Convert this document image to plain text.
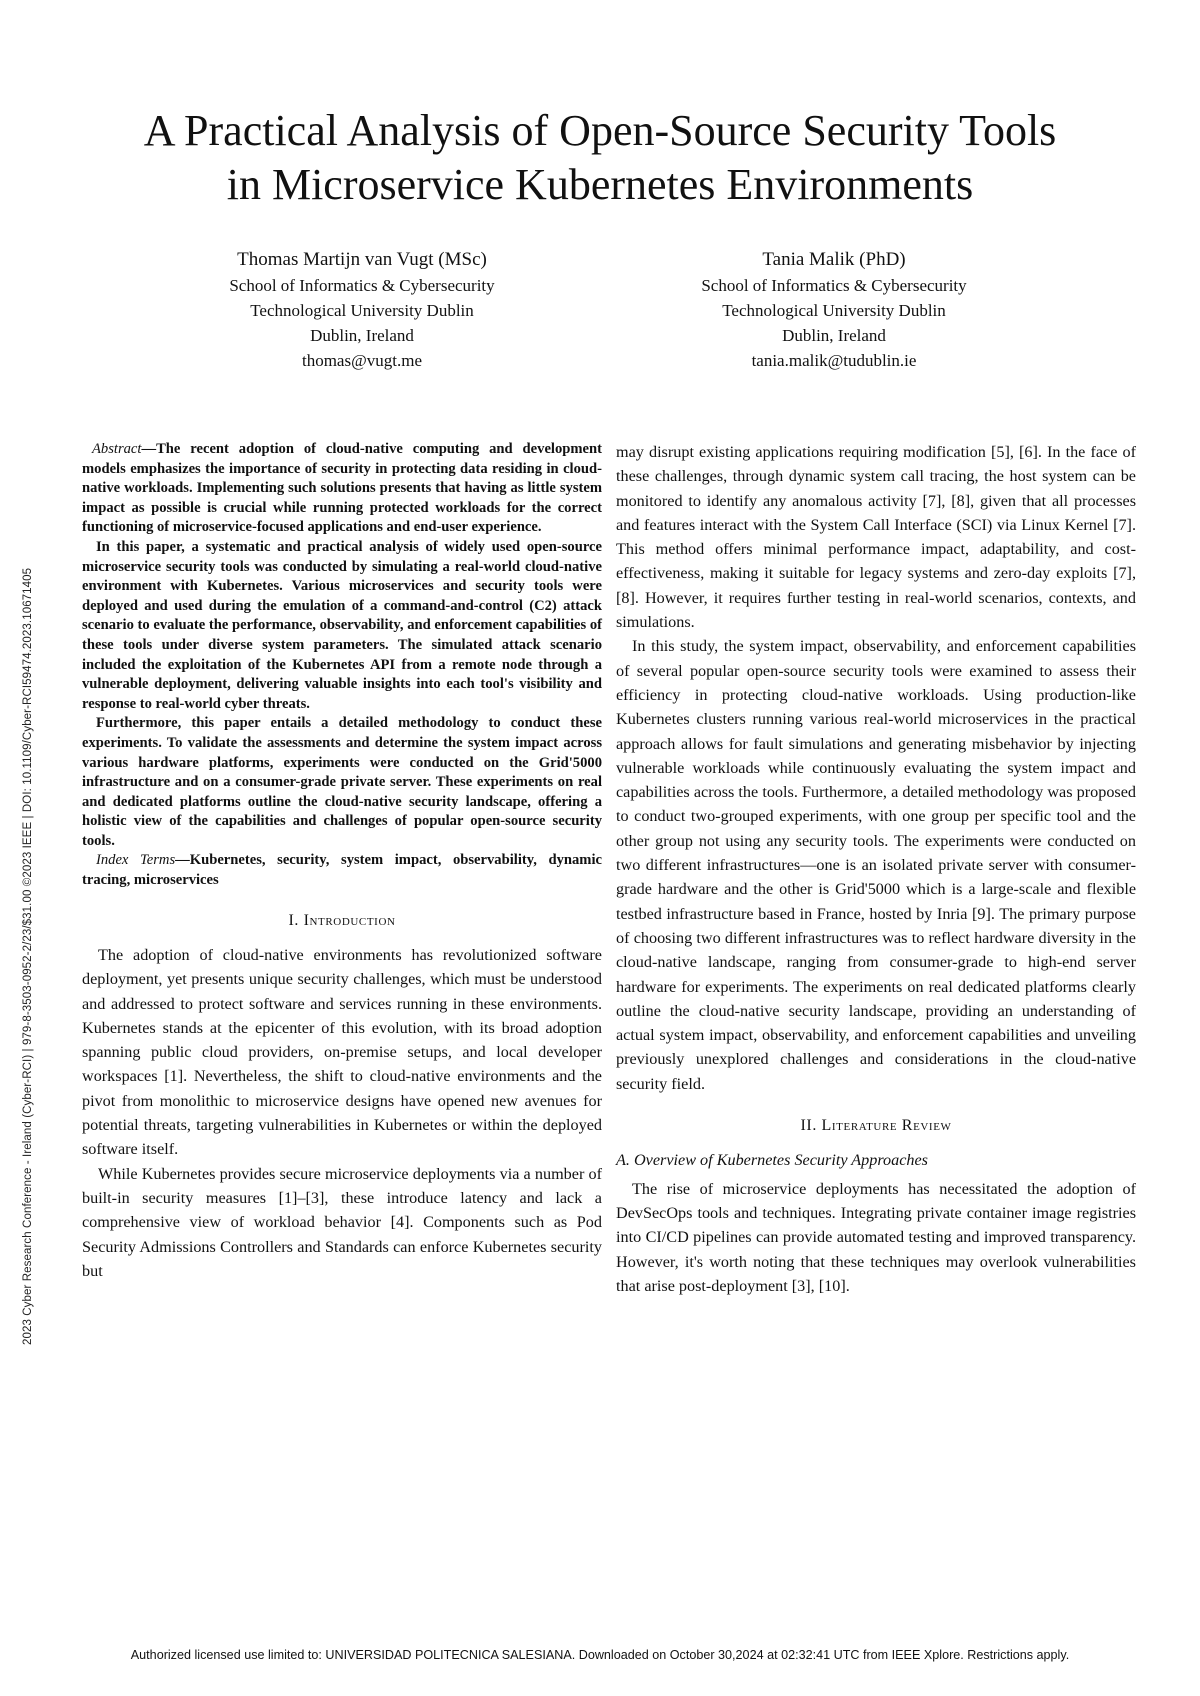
2023 Cyber Research Conference - Ireland (Cyber-RCI) | 979-8-3503-0952-2/23/$31.00 ©2023 IEEE | DOI: 10.1109/Cyber-RCI59474.2023.10671405
A Practical Analysis of Open-Source Security Tools
in Microservice Kubernetes Environments
Thomas Martijn van Vugt (MSc)
School of Informatics & Cybersecurity
Technological University Dublin
Dublin, Ireland
thomas@vugt.me
Tania Malik (PhD)
School of Informatics & Cybersecurity
Technological University Dublin
Dublin, Ireland
tania.malik@tudublin.ie

Abstract—The recent adoption of cloud-native computing and development models emphasizes the importance of security in protecting data residing in cloud-native workloads. Implementing such solutions presents that having as little system impact as possible is crucial while running protected workloads for the correct functioning of microservice-focused applications and end-user experience.

In this paper, a systematic and practical analysis of widely used open-source microservice security tools was conducted by simulating a real-world cloud-native environment with Kubernetes. Various microservices and security tools were deployed and used during the emulation of a command-and-control (C2) attack scenario to evaluate the performance, observability, and enforcement capabilities of these tools under diverse system parameters. The simulated attack scenario included the exploitation of the Kubernetes API from a remote node through a vulnerable deployment, delivering valuable insights into each tool's visibility and response to real-world cyber threats.

Furthermore, this paper entails a detailed methodology to conduct these experiments. To validate the assessments and determine the system impact across various hardware platforms, experiments were conducted on the Grid'5000 infrastructure and on a consumer-grade private server. These experiments on real and dedicated platforms outline the cloud-native security landscape, offering a holistic view of the capabilities and challenges of popular open-source security tools.

Index Terms—Kubernetes, security, system impact, observability, dynamic tracing, microservices

I. Introduction

The adoption of cloud-native environments has revolutionized software deployment, yet presents unique security challenges, which must be understood and addressed to protect software and services running in these environments. Kubernetes stands at the epicenter of this evolution, with its broad adoption spanning public cloud providers, on-premise setups, and local developer workspaces [1]. Nevertheless, the shift to cloud-native environments and the pivot from monolithic to microservice designs have opened new avenues for potential threats, targeting vulnerabilities in Kubernetes or within the deployed software itself.

While Kubernetes provides secure microservice deployments via a number of built-in security measures [1]–[3], these introduce latency and lack a comprehensive view of workload behavior [4]. Components such as Pod Security Admissions Controllers and Standards can enforce Kubernetes security but

may disrupt existing applications requiring modification [5], [6]. In the face of these challenges, through dynamic system call tracing, the host system can be monitored to identify any anomalous activity [7], [8], given that all processes and features interact with the System Call Interface (SCI) via Linux Kernel [7]. This method offers minimal performance impact, adaptability, and cost-effectiveness, making it suitable for legacy systems and zero-day exploits [7], [8]. However, it requires further testing in real-world scenarios, contexts, and simulations.

In this study, the system impact, observability, and enforcement capabilities of several popular open-source security tools were examined to assess their efficiency in protecting cloud-native workloads. Using production-like Kubernetes clusters running various real-world microservices in the practical approach allows for fault simulations and generating misbehavior by injecting vulnerable workloads while continuously evaluating the system impact and capabilities across the tools. Furthermore, a detailed methodology was proposed to conduct two-grouped experiments, with one group per specific tool and the other group not using any security tools. The experiments were conducted on two different infrastructures—one is an isolated private server with consumer-grade hardware and the other is Grid'5000 which is a large-scale and flexible testbed infrastructure based in France, hosted by Inria [9]. The primary purpose of choosing two different infrastructures was to reflect hardware diversity in the cloud-native landscape, ranging from consumer-grade to high-end server hardware for experiments. The experiments on real dedicated platforms clearly outline the cloud-native security landscape, providing an understanding of actual system impact, observability, and enforcement capabilities and unveiling previously unexplored challenges and considerations in the cloud-native security field.

II. Literature Review
A. Overview of Kubernetes Security Approaches

The rise of microservice deployments has necessitated the adoption of DevSecOps tools and techniques. Integrating private container image registries into CI/CD pipelines can provide automated testing and improved transparency. However, it's worth noting that these techniques may overlook vulnerabilities that arise post-deployment [3], [10].

Authorized licensed use limited to: UNIVERSIDAD POLITECNICA SALESIANA. Downloaded on October 30,2024 at 02:32:41 UTC from IEEE Xplore. Restrictions apply.
